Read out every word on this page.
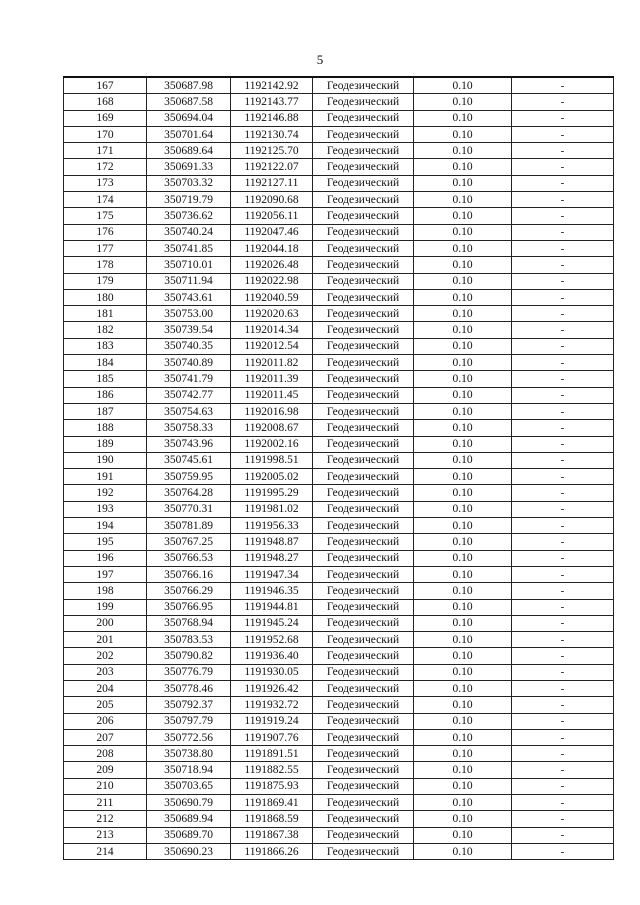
5
167	350687.98	1192142.92	Геодезический	0.10	-
168	350687.58	1192143.77	Геодезический	0.10	-
169	350694.04	1192146.88	Геодезический	0.10	-
170	350701.64	1192130.74	Геодезический	0.10	-
171	350689.64	1192125.70	Геодезический	0.10	-
172	350691.33	1192122.07	Геодезический	0.10	-
173	350703.32	1192127.11	Геодезический	0.10	-
174	350719.79	1192090.68	Геодезический	0.10	-
175	350736.62	1192056.11	Геодезический	0.10	-
176	350740.24	1192047.46	Геодезический	0.10	-
177	350741.85	1192044.18	Геодезический	0.10	-
178	350710.01	1192026.48	Геодезический	0.10	-
179	350711.94	1192022.98	Геодезический	0.10	-
180	350743.61	1192040.59	Геодезический	0.10	-
181	350753.00	1192020.63	Геодезический	0.10	-
182	350739.54	1192014.34	Геодезический	0.10	-
183	350740.35	1192012.54	Геодезический	0.10	-
184	350740.89	1192011.82	Геодезический	0.10	-
185	350741.79	1192011.39	Геодезический	0.10	-
186	350742.77	1192011.45	Геодезический	0.10	-
187	350754.63	1192016.98	Геодезический	0.10	-
188	350758.33	1192008.67	Геодезический	0.10	-
189	350743.96	1192002.16	Геодезический	0.10	-
190	350745.61	1191998.51	Геодезический	0.10	-
191	350759.95	1192005.02	Геодезический	0.10	-
192	350764.28	1191995.29	Геодезический	0.10	-
193	350770.31	1191981.02	Геодезический	0.10	-
194	350781.89	1191956.33	Геодезический	0.10	-
195	350767.25	1191948.87	Геодезический	0.10	-
196	350766.53	1191948.27	Геодезический	0.10	-
197	350766.16	1191947.34	Геодезический	0.10	-
198	350766.29	1191946.35	Геодезический	0.10	-
199	350766.95	1191944.81	Геодезический	0.10	-
200	350768.94	1191945.24	Геодезический	0.10	-
201	350783.53	1191952.68	Геодезический	0.10	-
202	350790.82	1191936.40	Геодезический	0.10	-
203	350776.79	1191930.05	Геодезический	0.10	-
204	350778.46	1191926.42	Геодезический	0.10	-
205	350792.37	1191932.72	Геодезический	0.10	-
206	350797.79	1191919.24	Геодезический	0.10	-
207	350772.56	1191907.76	Геодезический	0.10	-
208	350738.80	1191891.51	Геодезический	0.10	-
209	350718.94	1191882.55	Геодезический	0.10	-
210	350703.65	1191875.93	Геодезический	0.10	-
211	350690.79	1191869.41	Геодезический	0.10	-
212	350689.94	1191868.59	Геодезический	0.10	-
213	350689.70	1191867.38	Геодезический	0.10	-
214	350690.23	1191866.26	Геодезический	0.10	-
